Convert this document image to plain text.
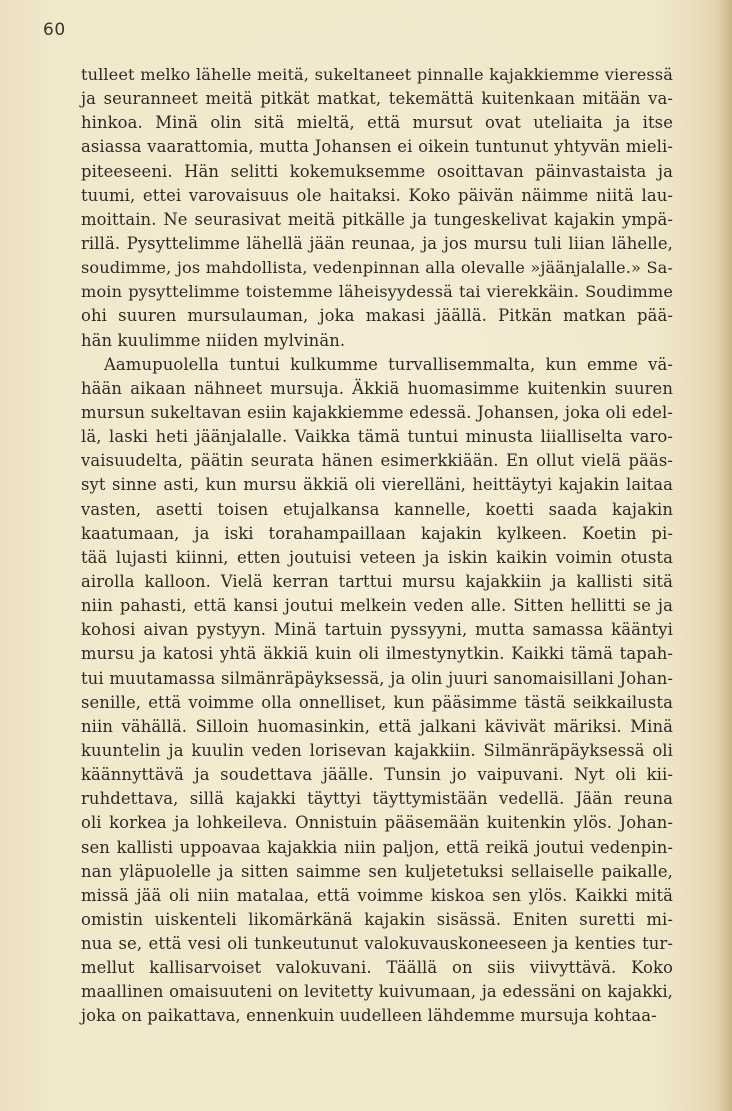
60
tulleet melko lähelle meitä, sukeltaneet pinnalle kajakkiemme vieressä
ja seuranneet meitä pitkät matkat, tekemättä kuitenkaan mitään va-
hinkoa. Minä olin sitä mieltä, että mursut ovat uteliaita ja itse
asiassa vaarattomia, mutta Johansen ei oikein tuntunut yhtyvän mieli-
piteeseeni. Hän selitti kokemuksemme osoittavan päinvastaista ja
tuumi, ettei varovaisuus ole haitaksi. Koko päivän näimme niitä lau-
moittain. Ne seurasivat meitä pitkälle ja tungeskelivat kajakin ympä-
rillä. Pysyttelimme lähellä jään reunaa, ja jos mursu tuli liian lähelle,
soudimme, jos mahdollista, vedenpinnan alla olevalle »jäänjalalle.» Sa-
moin pysyttelimme toistemme läheisyydessä tai vierekkäin. Soudimme
ohi suuren mursulauman, joka makasi jäällä. Pitkän matkan pää-
hän kuulimme niiden mylvinän.
Aamupuolella tuntui kulkumme turvallisemmalta, kun emme vä-
hään aikaan nähneet mursuja. Äkkiä huomasimme kuitenkin suuren
mursun sukeltavan esiin kajakkiemme edessä. Johansen, joka oli edel-
lä, laski heti jäänjalalle. Vaikka tämä tuntui minusta liialliselta varo-
vaisuudelta, päätin seurata hänen esimerkkiään. En ollut vielä pääs-
syt sinne asti, kun mursu äkkiä oli vierelläni, heittäytyi kajakin laitaa
vasten, asetti toisen etujalkansa kannelle, koetti saada kajakin
kaatumaan, ja iski torahampaillaan kajakin kylkeen. Koetin pi-
tää lujasti kiinni, etten joutuisi veteen ja iskin kaikin voimin otusta
airolla kalloon. Vielä kerran tarttui mursu kajakkiin ja kallisti sitä
niin pahasti, että kansi joutui melkein veden alle. Sitten hellitti se ja
kohosi aivan pystyyn. Minä tartuin pyssyyni, mutta samassa kääntyi
mursu ja katosi yhtä äkkiä kuin oli ilmestynytkin. Kaikki tämä tapah-
tui muutamassa silmänräpäyksessä, ja olin juuri sanomaisillani Johan-
senille, että voimme olla onnelliset, kun pääsimme tästä seikkailusta
niin vähällä. Silloin huomasinkin, että jalkani kävivät märiksi. Minä
kuuntelin ja kuulin veden lorisevan kajakkiin. Silmänräpäyksessä oli
käännyttävä ja soudettava jäälle. Tunsin jo vaipuvani. Nyt oli kii-
ruhdettava, sillä kajakki täyttyi täyttymistään vedellä. Jään reuna
oli korkea ja lohkeileva. Onnistuin pääsemään kuitenkin ylös. Johan-
sen kallisti uppoavaa kajakkia niin paljon, että reikä joutui vedenpin-
nan yläpuolelle ja sitten saimme sen kuljetetuksi sellaiselle paikalle,
missä jää oli niin matalaa, että voimme kiskoa sen ylös. Kaikki mitä
omistin uiskenteli likomärkänä kajakin sisässä. Eniten suretti mi-
nua se, että vesi oli tunkeutunut valokuvauskoneeseen ja kenties tur-
mellut kallisarvoiset valokuvani. Täällä on siis viivyttävä. Koko
maallinen omaisuuteni on levitetty kuivumaan, ja edessäni on kajakki,
joka on paikattava, ennenkuin uudelleen lähdemme mursuja kohtaa-
